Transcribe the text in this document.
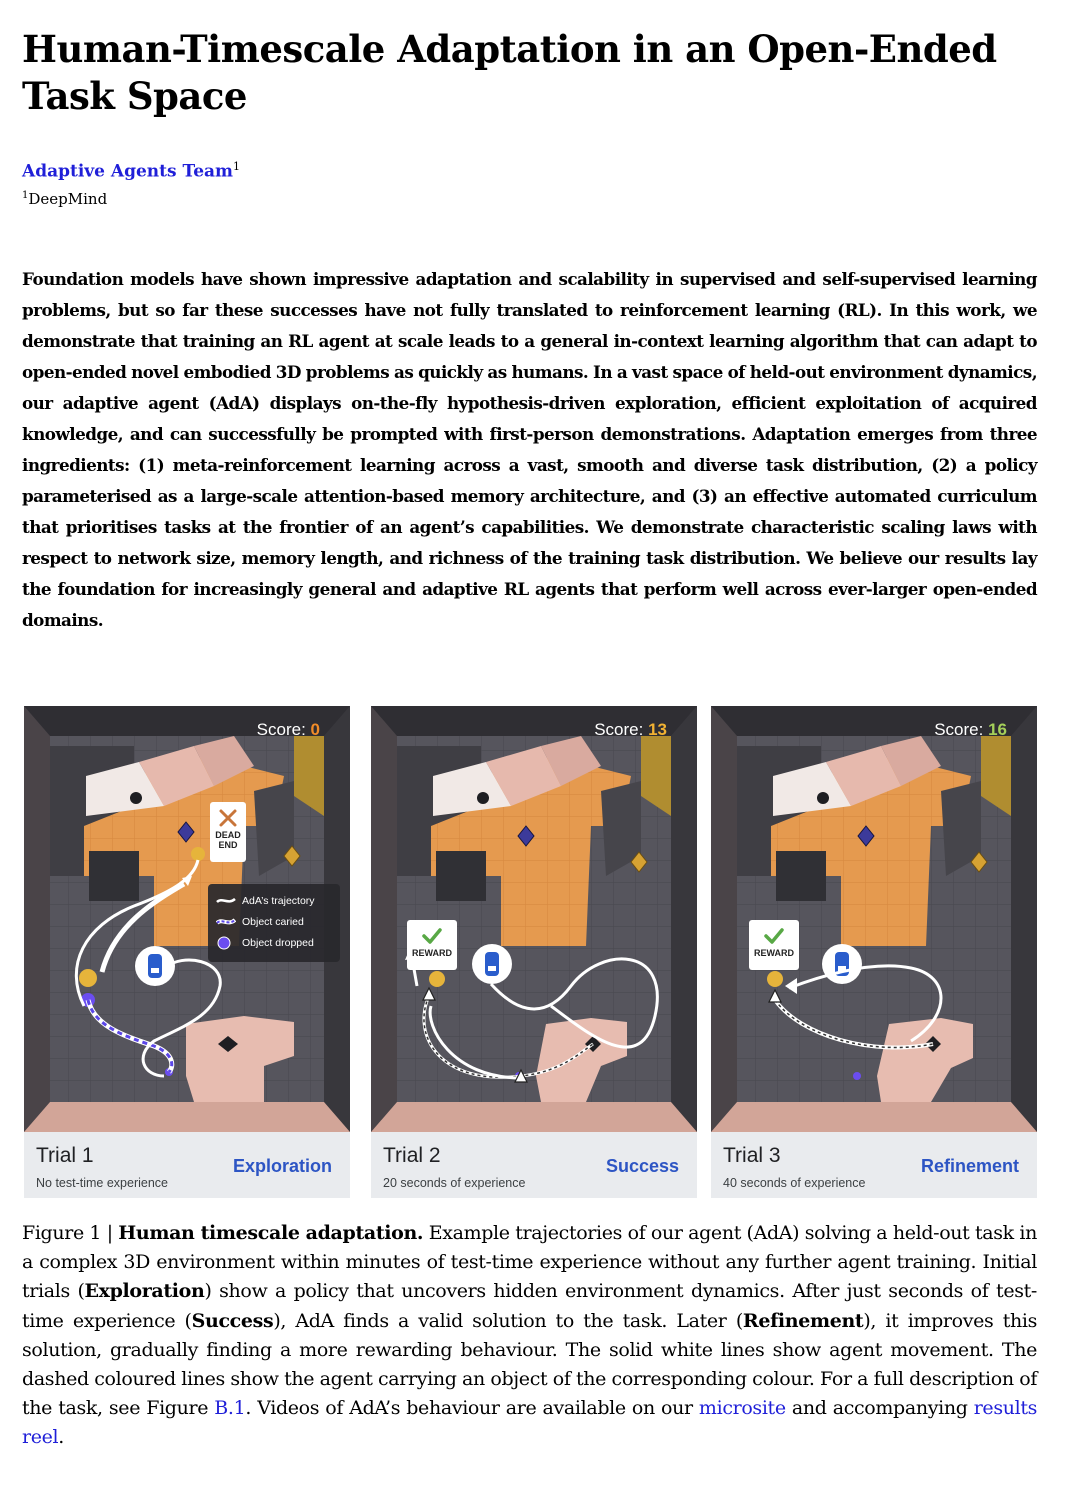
Human-Timescale Adaptation in an Open-Ended Task Space
Adaptive Agents Team$^1$
$^1$DeepMind

Foundation models have shown impressive adaptation and scalability in supervised and self-supervised learning problems, but so far these successes have not fully translated to reinforcement learning (RL). In this work, we demonstrate that training an RL agent at scale leads to a general in-context learning algorithm that can adapt to open-ended novel embodied 3D problems as quickly as humans. In a vast space of held-out environment dynamics, our adaptive agent (AdA) displays on-the-fly hypothesis-driven exploration, efficient exploitation of acquired knowledge, and can successfully be prompted with first-person demonstrations. Adaptation emerges from three ingredients: (1) meta-reinforcement learning across a vast, smooth and diverse task distribution, (2) a policy parameterised as a large-scale attention-based memory architecture, and (3) an effective automated curriculum that prioritises tasks at the frontier of an agent’s capabilities. We demonstrate characteristic scaling laws with respect to network size, memory length, and richness of the training task distribution. We believe our results lay the foundation for increasingly general and adaptive RL agents that perform well across ever-larger open-ended domains.

Score: 0
DEAD
END
AdA’s trajectory
Object caried
Object dropped
Trial 1
No test-time experience
Exploration
Score: 13
REWARD
Trial 2
20 seconds of experience
Success
Score: 16
REWARD
Trial 3
40 seconds of experience
Refinement

Figure 1 | Human timescale adaptation. Example trajectories of our agent (AdA) solving a held-out task in a complex 3D environment within minutes of test-time experience without any further agent training. Initial trials (Exploration) show a policy that uncovers hidden environment dynamics. After just seconds of test-time experience (Success), AdA finds a valid solution to the task. Later (Refinement), it improves this solution, gradually finding a more rewarding behaviour. The solid white lines show agent movement. The dashed coloured lines show the agent carrying an object of the corresponding colour. For a full description of the task, see Figure B.1. Videos of AdA’s behaviour are available on our microsite and accompanying results reel.
